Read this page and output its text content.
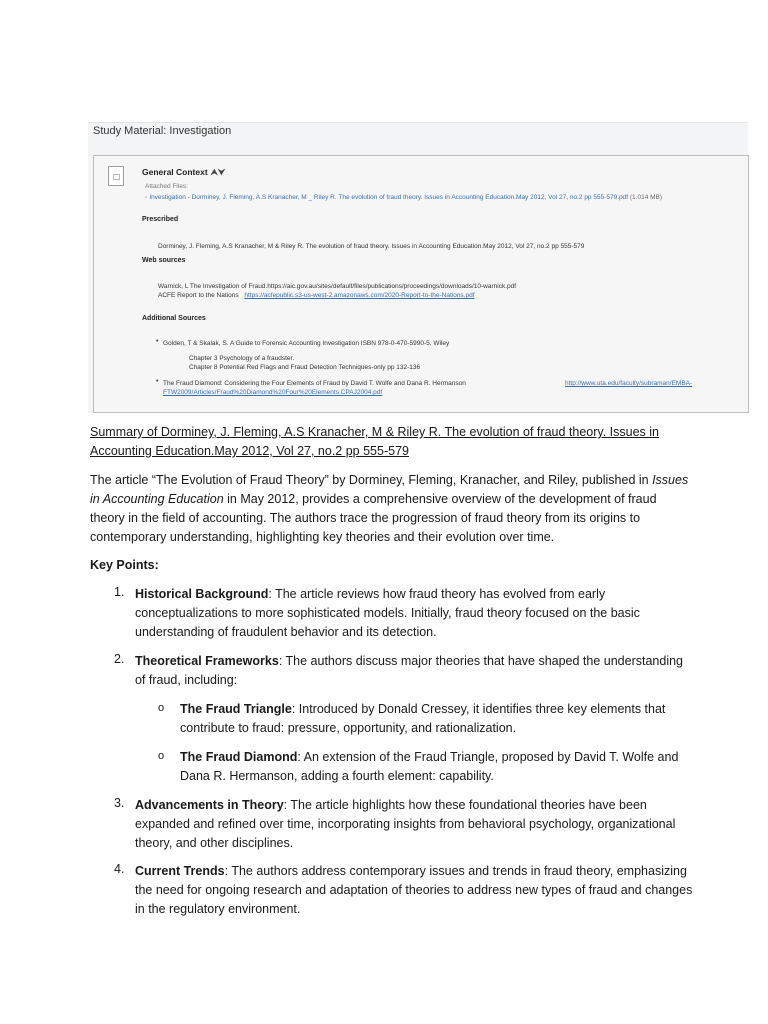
Study Material: Investigation
General Context ⮝⮟
Attached Files:
▫ Investigation - Dorminey, J. Fleming, A.S Kranacher, M _ Riley R. The evolution of fraud theory. Issues in Accounting Education.May 2012, Vol 27, no.2 pp 555-579.pdf (1.014 MB)
Prescribed
Dorminey, J. Fleming, A.S Kranacher, M & Riley R. The evolution of fraud theory. Issues in Accounting Education.May 2012, Vol 27, no.2 pp 555-579
Web sources
Warnick, L The Investigation of Fraud.https://aic.gov.au/sites/default/files/publications/proceedings/downloads/10-warnick.pdf
ACFE Report to the Nations https://acfepublic.s3-us-west-2.amazonaws.com/2020-Report-to-the-Nations.pdf
Additional Sources
• Golden, T & Skalak, S. A Guide to Forensic Accounting Investigation ISBN 978-0-470-5990-5. Wiley
Chapter 3 Psychology of a fraudster.
Chapter 8 Potential Red Flags and Fraud Detection Techniques-only pp 132-136
• The Fraud Diamond: Considering the Four Elements of Fraud by David T. Wolfe and Dana R. Hermanson	http://www.uta.edu/faculty/subraman/EMBA-
FTW2009/Articles/Fraud%20Diamond%20Four%20Elements.CPAJ2004.pdf
Summary of Dorminey, J. Fleming, A.S Kranacher, M & Riley R. The evolution of fraud theory. Issues in
Accounting Education.May 2012, Vol 27, no.2 pp 555-579
The article “The Evolution of Fraud Theory” by Dorminey, Fleming, Kranacher, and Riley, published in Issues in Accounting Education in May 2012, provides a comprehensive overview of the development of fraud theory in the field of accounting. The authors trace the progression of fraud theory from its origins to contemporary understanding, highlighting key theories and their evolution over time.
Key Points:
1. Historical Background: The article reviews how fraud theory has evolved from early conceptualizations to more sophisticated models. Initially, fraud theory focused on the basic understanding of fraudulent behavior and its detection.
2. Theoretical Frameworks: The authors discuss major theories that have shaped the understanding of fraud, including:
o The Fraud Triangle: Introduced by Donald Cressey, it identifies three key elements that contribute to fraud: pressure, opportunity, and rationalization.
o The Fraud Diamond: An extension of the Fraud Triangle, proposed by David T. Wolfe and Dana R. Hermanson, adding a fourth element: capability.
3. Advancements in Theory: The article highlights how these foundational theories have been expanded and refined over time, incorporating insights from behavioral psychology, organizational theory, and other disciplines.
4. Current Trends: The authors address contemporary issues and trends in fraud theory, emphasizing the need for ongoing research and adaptation of theories to address new types of fraud and changes in the regulatory environment.
